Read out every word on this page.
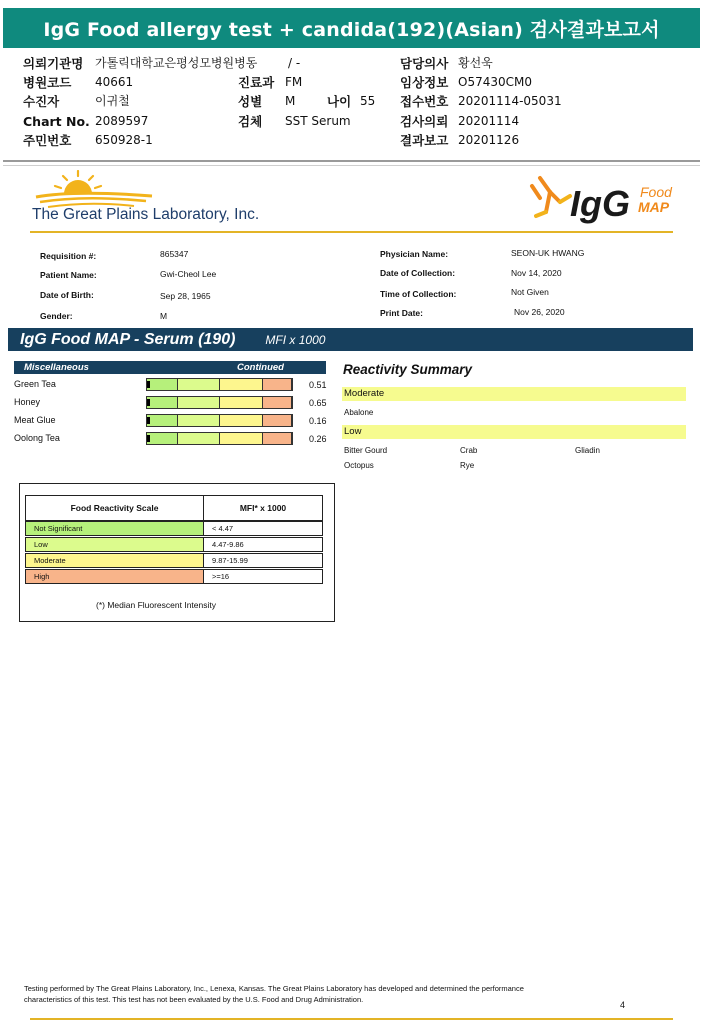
IgG Food allergy test + candida(192)(Asian) 검사결과보고서
의뢰기관명 가톨릭대학교은평성모병원병동	/ -	담당의사 황선욱
병원코드 40661	진료과 FM	임상정보 O57430CM0
수진자	이귀철	성별 M	나이 55 접수번호 20201114-05031
Chart No. 2089597	검체 SST Serum	검사의뢰 20201114
주민번호 650928-1	결과보고 20201126
The Great Plains Laboratory, Inc.	IgG Food
MAP
Requisition #:	865347
Patient Name:	Gwi-Cheol Lee
Date of Birth:	Sep 28, 1965
Gender:	M
Physician Name:	SEON-UK HWANG
Date of Collection:	Nov 14, 2020
Time of Collection:	Not Given
Print Date:	Nov 26, 2020
IgG Food MAP - Serum (190)	MFI x 1000
Miscellaneous	Continued
Green Tea	0.51
Honey	0.65
Meat Glue	0.16
Oolong Tea	0.26
Reactivity Summary
Moderate
Abalone
Low
Bitter Gourd	Crab	Gliadin
Octopus	Rye
Food Reactivity Scale	MFI* x 1000
Not Significant	< 4.47
Low	4.47-9.86
Moderate	9.87-15.99
High	>=16
(*) Median Fluorescent Intensity
Testing performed by The Great Plains Laboratory, Inc., Lenexa, Kansas. The Great Plains Laboratory has developed and determined the performance
characteristics of this test. This test has not been evaluated by the U.S. Food and Drug Administration.
4
